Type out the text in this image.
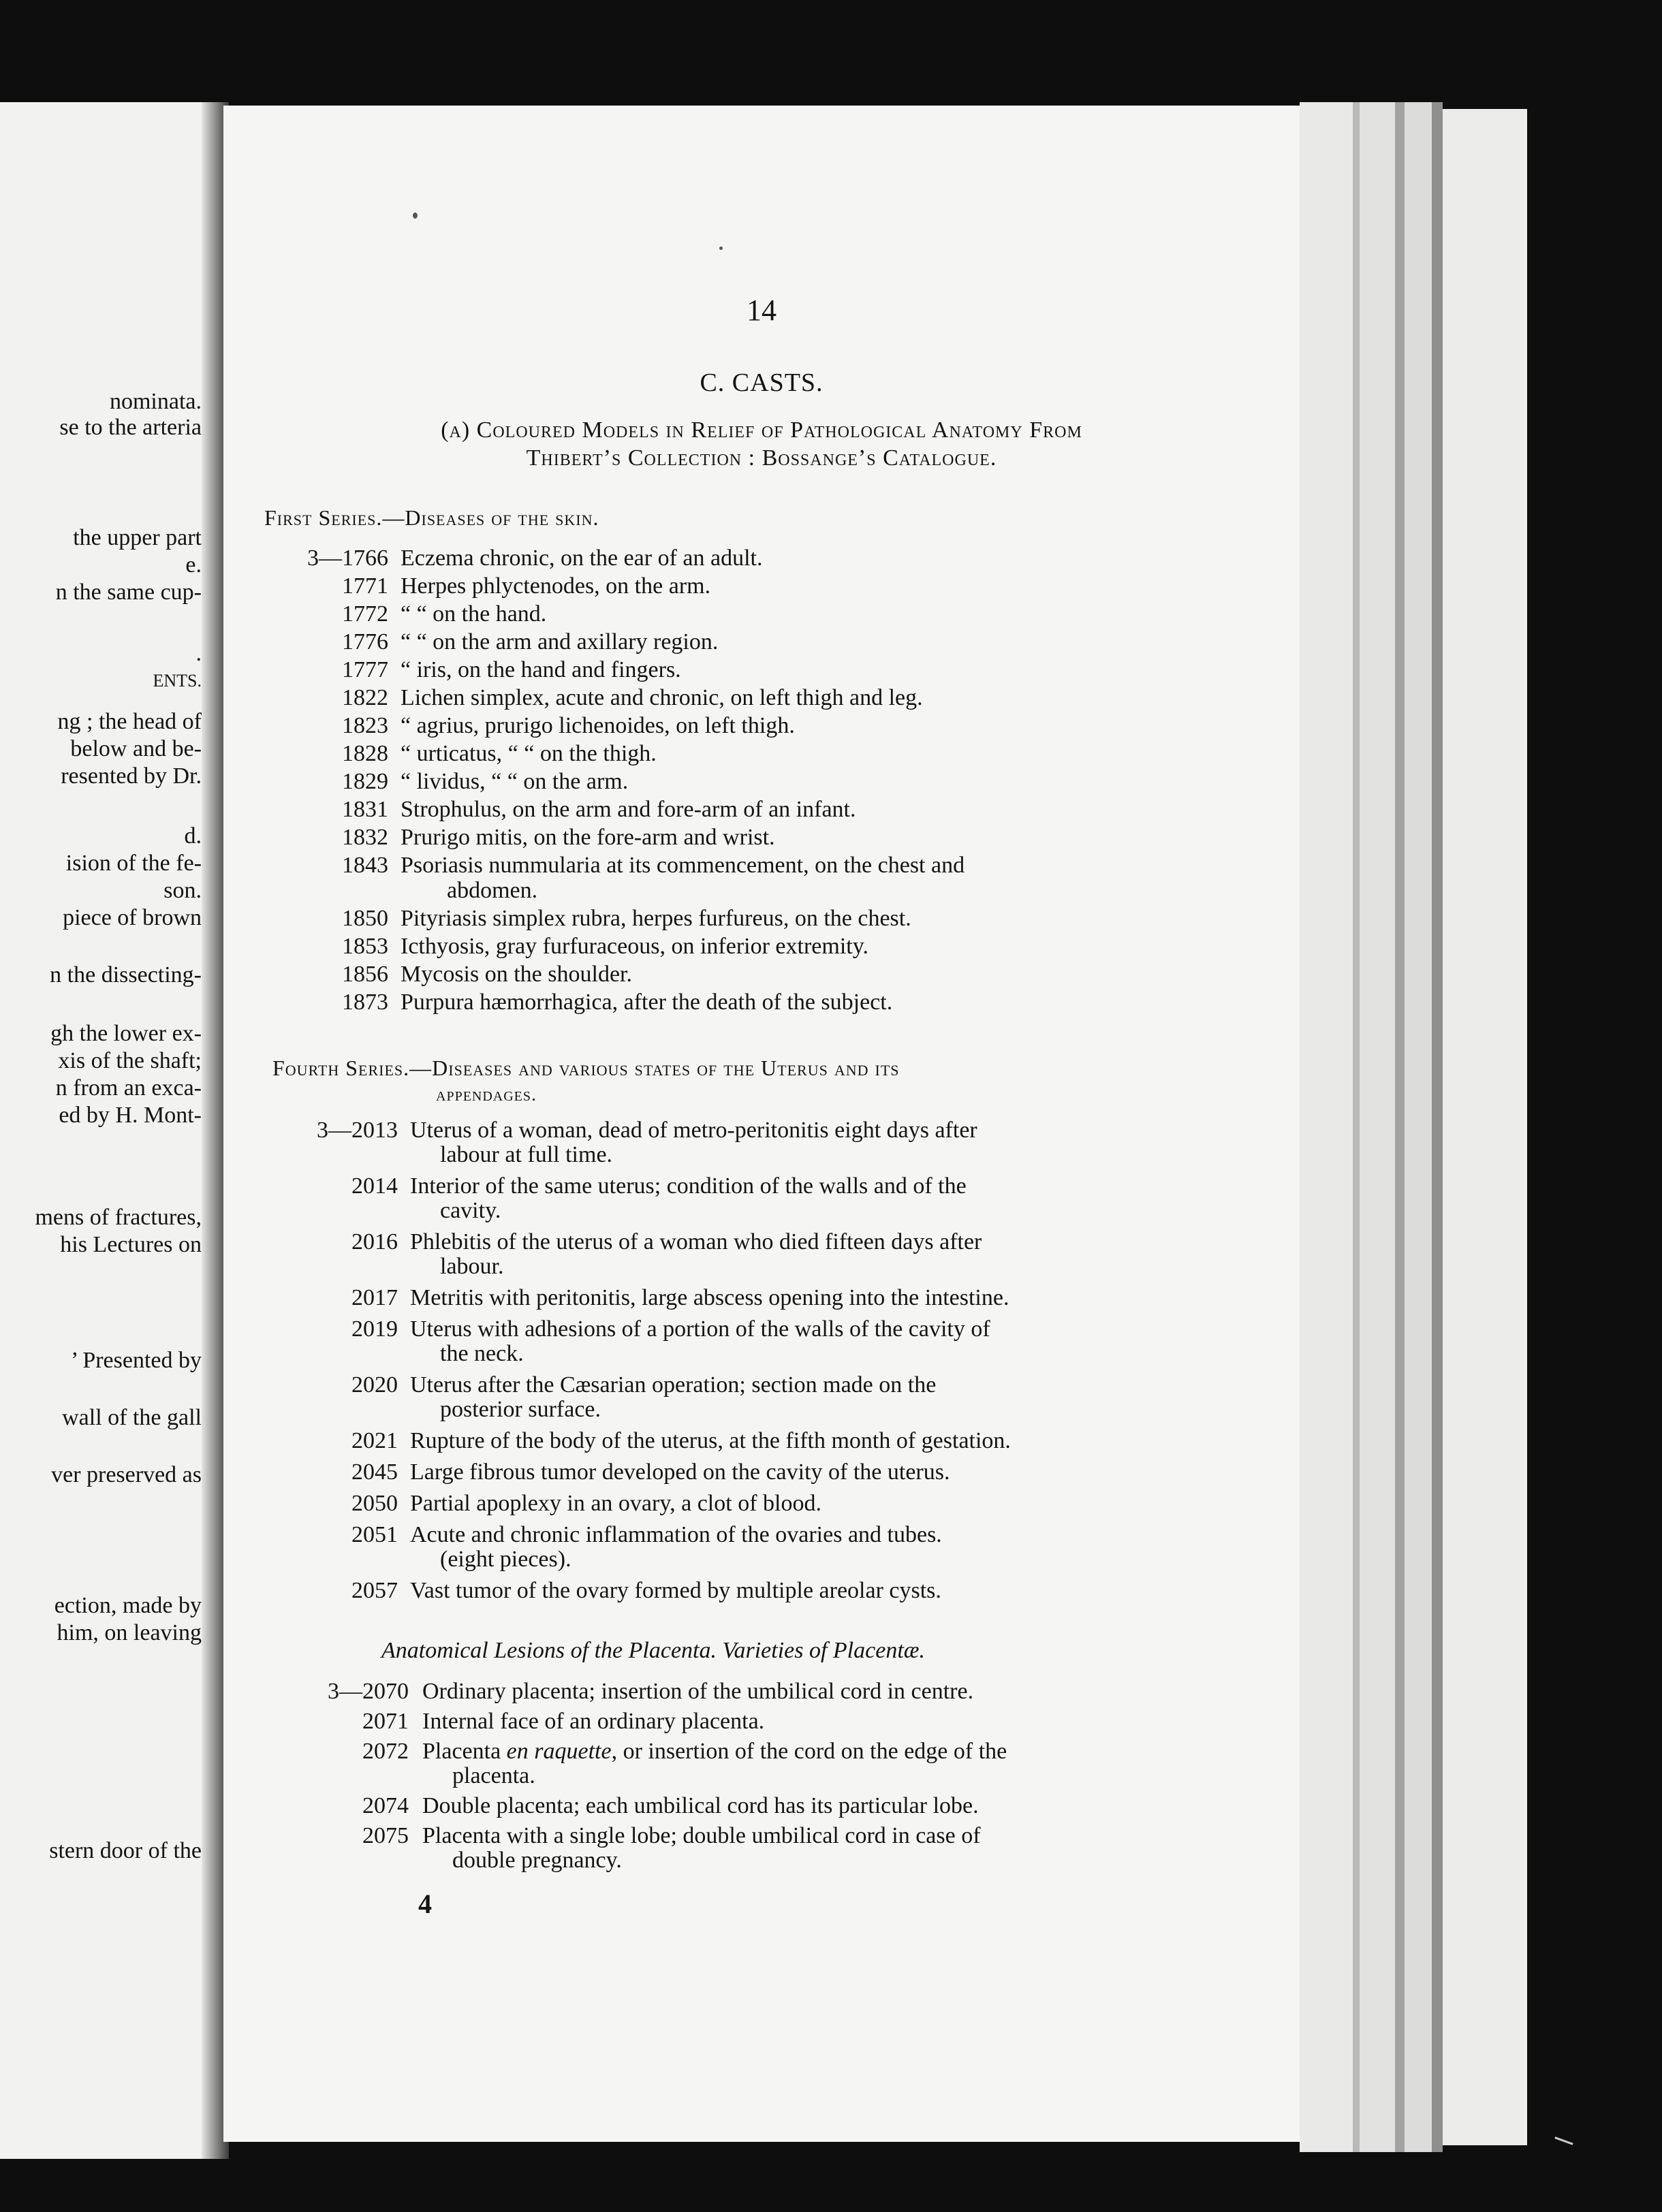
nominata.
se to the arteria
the upper part
e.
n the same cup-
.
ENTS.
ng ; the head of
below and be-
resented by Dr.
d.
ision of the fe-
son.
piece of brown
n the dissecting-
gh the lower ex-
xis of the shaft;
n from an exca-
ed by H. Mont-
mens of fractures,
his Lectures on
’ Presented by
wall of the gall
ver preserved as
ection, made by
him, on leaving
stern door of the
14
C. CASTS.
(a) Coloured Models in Relief of Pathological Anatomy From
Thibert’s Collection : Bossange’s Catalogue.
First Series.—Diseases of the skin.
3—1766 Eczema chronic, on the ear of an adult.
1771 Herpes phlyctenodes, on the arm.
1772 “ “ on the hand.
1776 “ “ on the arm and axillary region.
1777 “ iris, on the hand and fingers.
1822 Lichen simplex, acute and chronic, on left thigh and leg.
1823 “ agrius, prurigo lichenoides, on left thigh.
1828 “ urticatus, “ “ on the thigh.
1829 “ lividus, “ “ on the arm.
1831 Strophulus, on the arm and fore-arm of an infant.
1832 Prurigo mitis, on the fore-arm and wrist.
1843 Psoriasis nummularia at its commencement, on the chest and
abdomen.
1850 Pityriasis simplex rubra, herpes furfureus, on the chest.
1853 Icthyosis, gray furfuraceous, on inferior extremity.
1856 Mycosis on the shoulder.
1873 Purpura hæmorrhagica, after the death of the subject.
Fourth Series.—Diseases and various states of the Uterus and its
appendages.
3—2013 Uterus of a woman, dead of metro-peritonitis eight days after
labour at full time.
2014 Interior of the same uterus; condition of the walls and of the
cavity.
2016 Phlebitis of the uterus of a woman who died fifteen days after
labour.
2017 Metritis with peritonitis, large abscess opening into the intestine.
2019 Uterus with adhesions of a portion of the walls of the cavity of
the neck.
2020 Uterus after the Cæsarian operation; section made on the
posterior surface.
2021 Rupture of the body of the uterus, at the fifth month of gestation.
2045 Large fibrous tumor developed on the cavity of the uterus.
2050 Partial apoplexy in an ovary, a clot of blood.
2051 Acute and chronic inflammation of the ovaries and tubes.
(eight pieces).
2057 Vast tumor of the ovary formed by multiple areolar cysts.
Anatomical Lesions of the Placenta. Varieties of Placentæ.
3—2070 Ordinary placenta; insertion of the umbilical cord in centre.
2071 Internal face of an ordinary placenta.
2072 Placenta en raquette, or insertion of the cord on the edge of the
placenta.
2074 Double placenta; each umbilical cord has its particular lobe.
2075 Placenta with a single lobe; double umbilical cord in case of
double pregnancy.
4
